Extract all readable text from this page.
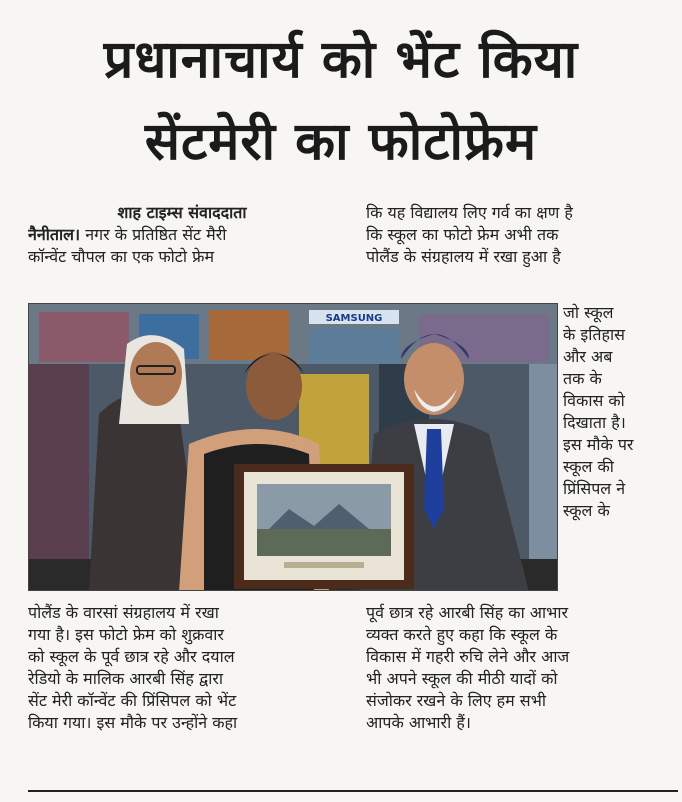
प्रधानाचार्य को भेंट किया
सेंटमेरी का फोटोफ्रेम
शाह टाइम्स संवाददाता
नैनीताल। नगर के प्रतिष्ठित सेंट मैरी
कॉन्वेंट चौपल का एक फोटो फ्रेम
कि यह विद्यालय लिए गर्व का क्षण है
कि स्कूल का फोटो फ्रेम अभी तक
पोलैंड के संग्रहालय में रखा हुआ है
SAMSUNG	जो स्कूल
के इतिहास
और अब
तक के
विकास को
दिखाता है।
इस मौके पर
स्कूल की
प्रिंसिपल ने
स्कूल के
पोलैंड के वारसां संग्रहालय में रखा
गया है। इस फोटो फ्रेम को शुक्रवार
को स्कूल के पूर्व छात्र रहे और दयाल
रेडियो के मालिक आरबी सिंह द्वारा
सेंट मेरी कॉन्वेंट की प्रिंसिपल को भेंट
किया गया। इस मौके पर उन्होंने कहा
पूर्व छात्र रहे आरबी सिंह का आभार
व्यक्त करते हुए कहा कि स्कूल के
विकास में गहरी रुचि लेने और आज
भी अपने स्कूल की मीठी यादों को
संजोकर रखने के लिए हम सभी
आपके आभारी हैं।
